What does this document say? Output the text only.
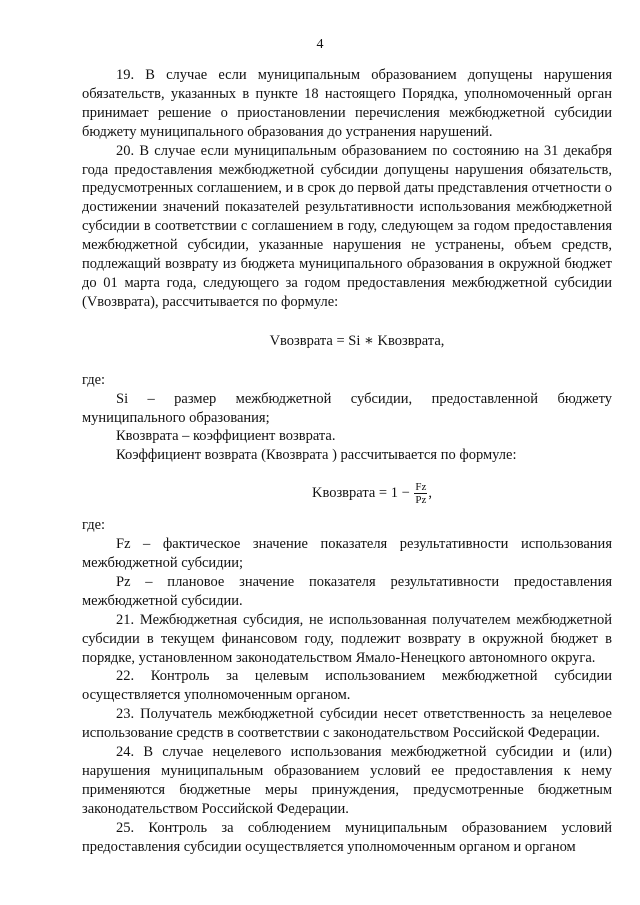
4

19. В случае если муниципальным образованием допущены нарушения обязательств, указанных в пункте 18 настоящего Порядка, уполномоченный орган принимает решение о приостановлении перечисления межбюджетной субсидии бюджету муниципального образования до устранения нарушений.

20. В случае если муниципальным образованием по состоянию на 31 декабря года предоставления межбюджетной субсидии допущены нарушения обязательств, предусмотренных соглашением, и в срок до первой даты представления отчетности о достижении значений показателей результативности использования межбюджетной субсидии в соответствии с соглашением в году, следующем за годом предоставления межбюджетной субсидии, указанные нарушения не устранены, объем средств, подлежащий возврату из бюджета муниципального образования в окружной бюджет до 01 марта года, следующего за годом предоставления межбюджетной субсидии (Vвозврата), рассчитывается по формуле:

Vвозврата = Si ∗ Kвозврата,

где:

Si – размер межбюджетной субсидии, предоставленной бюджету муниципального образования;

Квозврата – коэффициент возврата.

Коэффициент возврата (Квозврата ) рассчитывается по формуле:

Kвозврата = $1 - \frac{Fz}{Pz}$ ,

где:

Fz – фактическое значение показателя результативности использования межбюджетной субсидии;

Pz – плановое значение показателя результативности предоставления межбюджетной субсидии.

21. Межбюджетная субсидия, не использованная получателем межбюджетной субсидии в текущем финансовом году, подлежит возврату в окружной бюджет в порядке, установленном законодательством Ямало-Ненецкого автономного округа.

22. Контроль за целевым использованием межбюджетной субсидии осуществляется уполномоченным органом.

23. Получатель межбюджетной субсидии несет ответственность за нецелевое использование средств в соответствии с законодательством Российской Федерации.

24. В случае нецелевого использования межбюджетной субсидии и (или) нарушения муниципальным образованием условий ее предоставления к нему применяются бюджетные меры принуждения, предусмотренные бюджетным законодательством Российской Федерации.

25. Контроль за соблюдением муниципальным образованием условий предоставления субсидии осуществляется уполномоченным органом и органом
